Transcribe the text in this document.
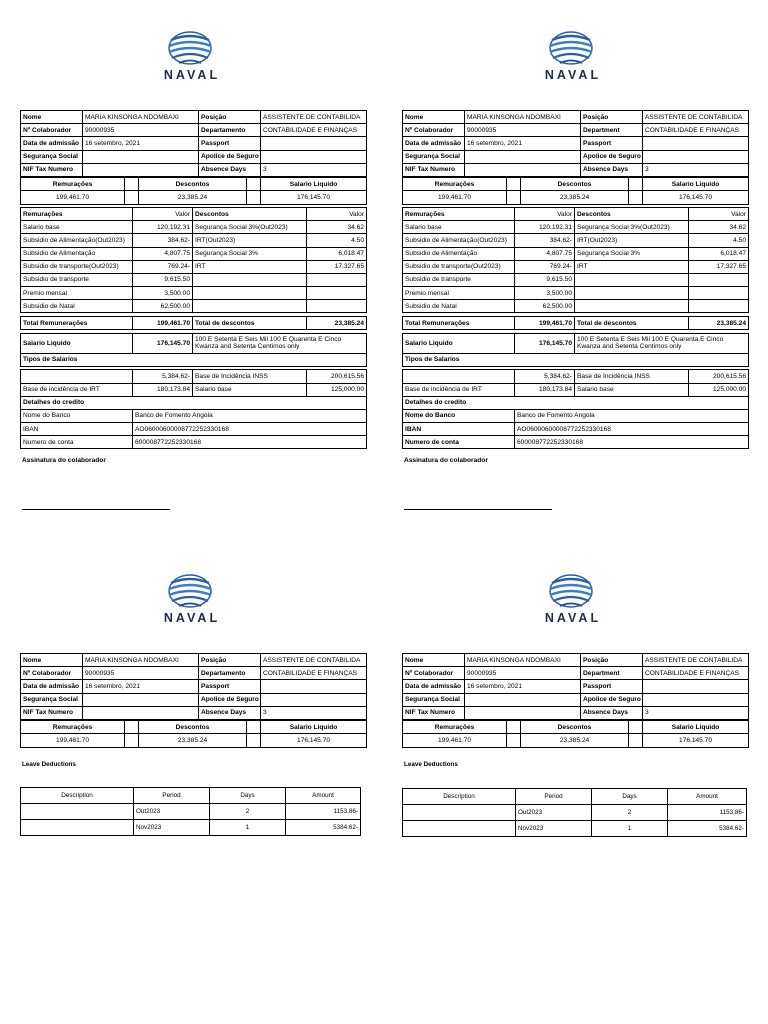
NAVAL	NAVAL
NAVAL	NAVAL
Nome	MARIA KINSONGA NDOMBAXI	Posição	ASSISTENTE DE CONTABILIDA
Nº Colaborador	90000935	Departamento	CONTABILIDADE E FINANÇAS
Data de admissão	16 setembro, 2021	Passport	
Segurança Social		Apolice de Seguro	
NIF Tax Numero		Absence Days	3
Remurações		Descontos		Salario Liquido
199,461.70		23,385.24		176,145.70
Remurações	Valor	Descontos	Valor
Salario base	120,192.31	Segurança Social 3%(Out2023)	34.62
Subsidio de Alimentação(Out2023)	384.62-	IRT(Out2023)	4.50
Subsidio de Alimentação	4,807.75	Segurança Social 3%	6,018.47
Subsidio de transporte(Out2023)	769.24-	IRT	17,327.65
Subsidio de transporte	9,615.50		
Premio mensal	3,500.00		
Subsidio de Natal	62,500.00		

Total Remunerações	199,461.70	Total de descontos	23,385.24

Salario Liquido	176,145.70	100 E Setenta E Seis Mil 100 E Quarenta E Cinco Kwanza and Setenta Centimos only	
Tipos de Salarios			

	5,384.62-	Base de Incidência INSS	200,615.56
Base de incidência de IRT	180,173.84	Salario base	125,000.00
Detalhes do credito			
Nome do Banco	Banco de Fomento Angola		
IBAN	AO06000600008772252330168		
Numero de conta	600008772252330168		
Assinatura do colaborador
Nome	MARIA KINSONGA NDOMBAXI	Posição	ASSISTENTE DE CONTABILIDA
Nº Colaborador	90000935	Department	CONTABILIDADE E FINANÇAS
Data de admissão	16 setembro, 2021	Passport	
Segurança Social		Apolice de Seguro	
NIF Tax Numero		Absence Days	3
Remurações		Descontos		Salario Liquido
199,461.70		23,385.24		176,145.70
Remurações	Valor	Descontos	Valor
Salario base	120,192.31	Segurança Social 3%(Out2023)	34.62
Subsidio de Alimentação(Out2023)	384.62-	IRT(Out2023)	4.50
Subsidio de Alimentação	4,807.75	Segurança Social 3%	6,018.47
Subsidio de transporte(Out2023)	769.24-	IRT	17,327.65
Subsidio de transporte	9,615.50		
Premio mensal	3,500.00		
Subsidio de Natal	62,500.00		

Total Remunerações	199,461.70	Total de descontos	23,385.24

Salario Liquido	176,145.70	100 E Setenta E Seis Mil 100 E Quarenta E Cinco Kwanza and Setenta Centimos only	
Tipos de Salarios			

	5,384.62-	Base de Incidência INSS	200,615.56
Base de incidência de IRT	180,173.84	Salario base	125,000.00
Detalhes do credito			
Nome do Banco	Banco de Fomento Angola		
IBAN	AO06000600008772252330168		
Numero de conta	600008772252330168		
Assinatura do colaborador
Nome	MARIA KINSONGA NDOMBAXI	Posição	ASSISTENTE DE CONTABILIDA
Nº Colaborador	90000935	Departamento	CONTABILIDADE E FINANÇAS
Data de admissão	16 setembro, 2021	Passport	
Segurança Social		Apolice de Seguro	
NIF Tax Numero		Absence Days	3
Remurações		Descontos		Salario Liquido
199,461.70		23,385.24		176,145.70
Leave Deductions
Description	Period	Days	Amount
	Out2023	2	1153.86-
	Nov2023	1	5384.62-
Nome	MARIA KINSONGA NDOMBAXI	Posição	ASSISTENTE DE CONTABILIDA
Nº Colaborador	90000935	Department	CONTABILIDADE E FINANÇAS
Data de admissão	16 setembro, 2021	Passport	
Segurança Social		Apolice de Seguro	
NIF Tax Numero		Absence Days	3
Remurações		Descontos		Salario Liquido
199,461.70		23,385.24		176,145.70
Leave Deductions
Description	Period	Days	Amount
	Out2023	2	1153.86-
	Nov2023	1	5384.62-
